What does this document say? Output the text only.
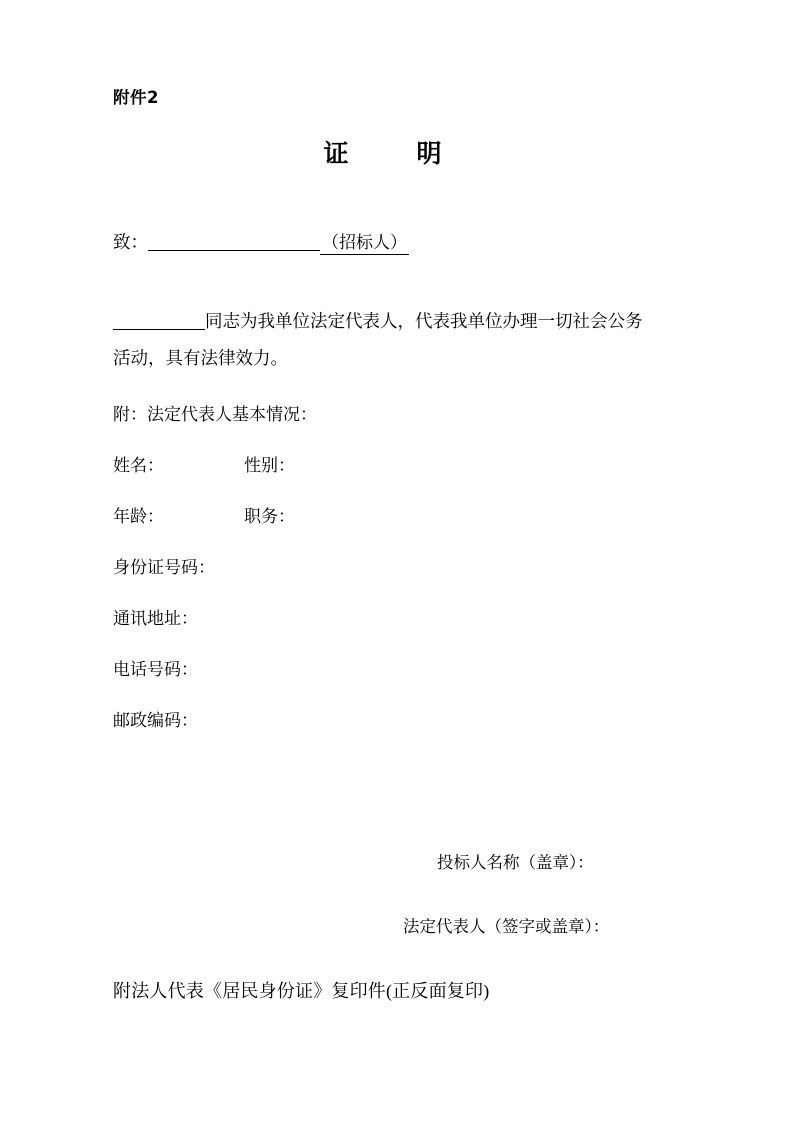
附件2
证　　明
致：	（招标人）
同志为我单位法定代表人，代表我单位办理一切社会公务
活动，具有法律效力。
附：法定代表人基本情况：
姓名：	性别：
年龄：	职务：
身份证号码：
通讯地址：
电话号码：
邮政编码：
投标人名称（盖章）：
法定代表人（签字或盖章）：
附法人代表《居民身份证》复印件(正反面复印)
